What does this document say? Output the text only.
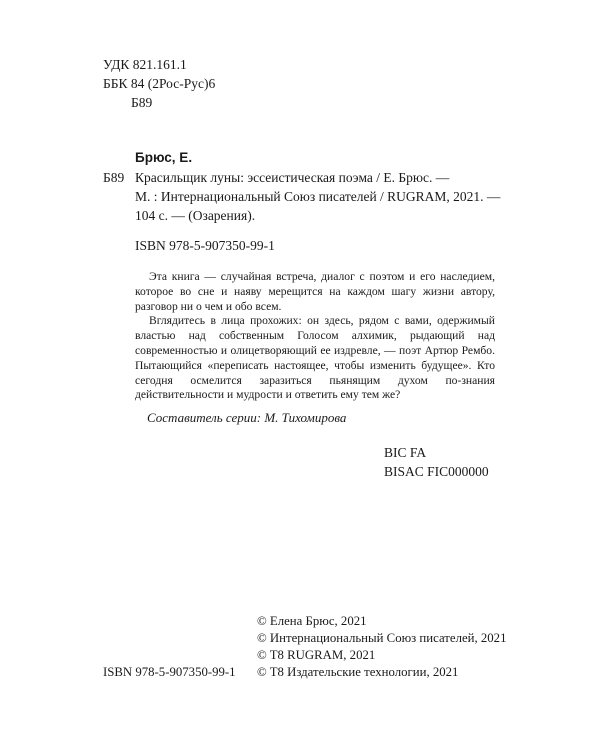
УДК 821.161.1
ББК 84 (2Рос-Рус)6
Б89
Брюс, Е.
Б89 Красильщик луны: эссеистическая поэма / Е. Брюс. —
М. : Интернациональный Союз писателей / RUGRAM, 2021. —
104 с. — (Озарения).
ISBN 978-5-907350-99-1

Эта книга — случайная встреча, диалог с поэтом и его наследием, которое во сне и наяву мерещится на каждом шагу жизни автору, разговор ни о чем и обо всем.

Вглядитесь в лица прохожих: он здесь, рядом с вами, одержимый властью над собственным Голосом алхимик, рыдающий над современностью и олицетворяющий ее издревле, — поэт Артюр Рембо. Пытающийся «переписать настоящее, чтобы изменить будущее». Кто сегодня осмелится заразиться пьянящим духом по-знания действительности и мудрости и ответить ему тем же?

Составитель серии: М. Тихомирова
BIC FA
BISAC FIC000000
© Елена Брюс, 2021
© Интернациональный Союз писателей, 2021
© T8 RUGRAM, 2021
ISBN 978-5-907350-99-1 © T8 Издательские технологии, 2021
